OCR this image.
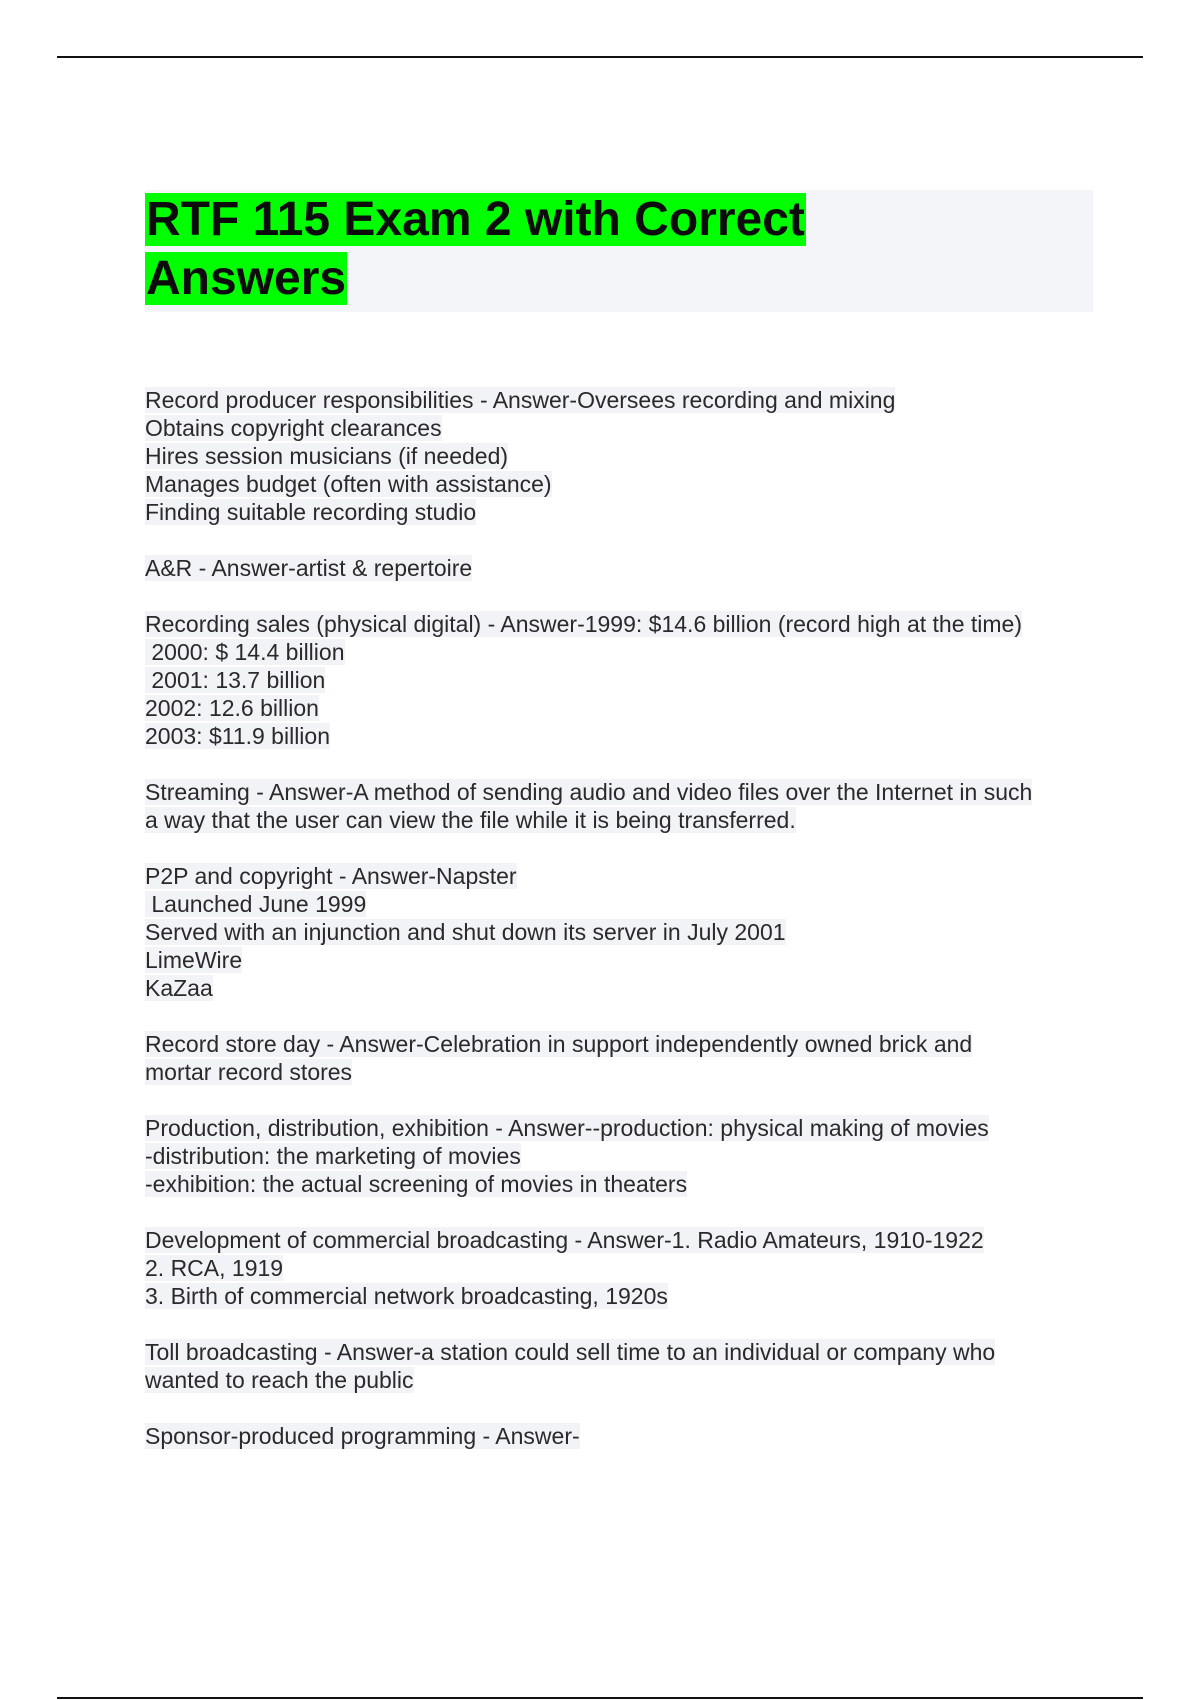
RTF 115 Exam 2 with Correct Answers
Record producer responsibilities - Answer-Oversees recording and mixing
Obtains copyright clearances
Hires session musicians (if needed)
Manages budget (often with assistance)
Finding suitable recording studio
A&R - Answer-artist & repertoire
Recording sales (physical digital) - Answer-1999: $14.6 billion (record high at the time)
2000: $ 14.4 billion
2001: 13.7 billion
2002: 12.6 billion
2003: $11.9 billion
Streaming - Answer-A method of sending audio and video files over the Internet in such
a way that the user can view the file while it is being transferred.
P2P and copyright - Answer-Napster
Launched June 1999
Served with an injunction and shut down its server in July 2001
LimeWire
KaZaa
Record store day - Answer-Celebration in support independently owned brick and
mortar record stores
Production, distribution, exhibition - Answer--production: physical making of movies
-distribution: the marketing of movies
-exhibition: the actual screening of movies in theaters
Development of commercial broadcasting - Answer-1. Radio Amateurs, 1910-1922
2. RCA, 1919
3. Birth of commercial network broadcasting, 1920s
Toll broadcasting - Answer-a station could sell time to an individual or company who
wanted to reach the public
Sponsor-produced programming - Answer-
